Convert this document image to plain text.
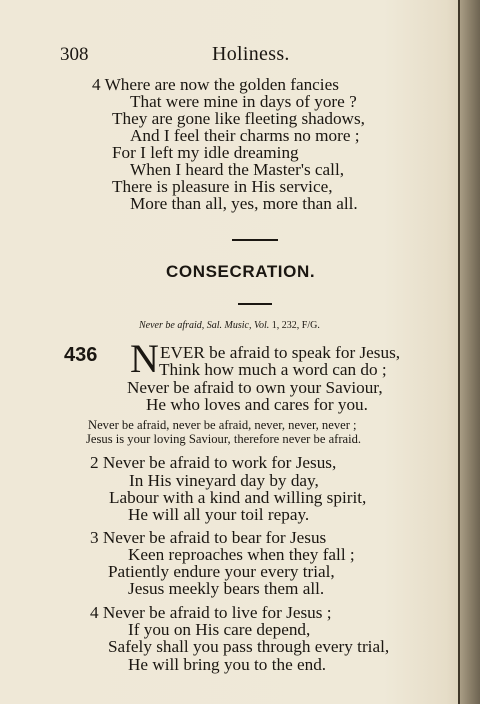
308	Holiness.
4 Where are now the golden fancies
That were mine in days of yore ?
They are gone like fleeting shadows,
And I feel their charms no more ;
For I left my idle dreaming
When I heard the Master's call,
There is pleasure in His service,
More than all, yes, more than all.
CONSECRATION.
Never be afraid, Sal. Music, Vol. 1, 232, F/G.
436 N EVER be afraid to speak for Jesus,
Think how much a word can do ;
Never be afraid to own your Saviour,
He who loves and cares for you.
Never be afraid, never be afraid, never, never, never ;
Jesus is your loving Saviour, therefore never be afraid.
2 Never be afraid to work for Jesus,
In His vineyard day by day,
Labour with a kind and willing spirit,
He will all your toil repay.
3 Never be afraid to bear for Jesus
Keen reproaches when they fall ;
Patiently endure your every trial,
Jesus meekly bears them all.
4 Never be afraid to live for Jesus ;
If you on His care depend,
Safely shall you pass through every trial,
He will bring you to the end.
